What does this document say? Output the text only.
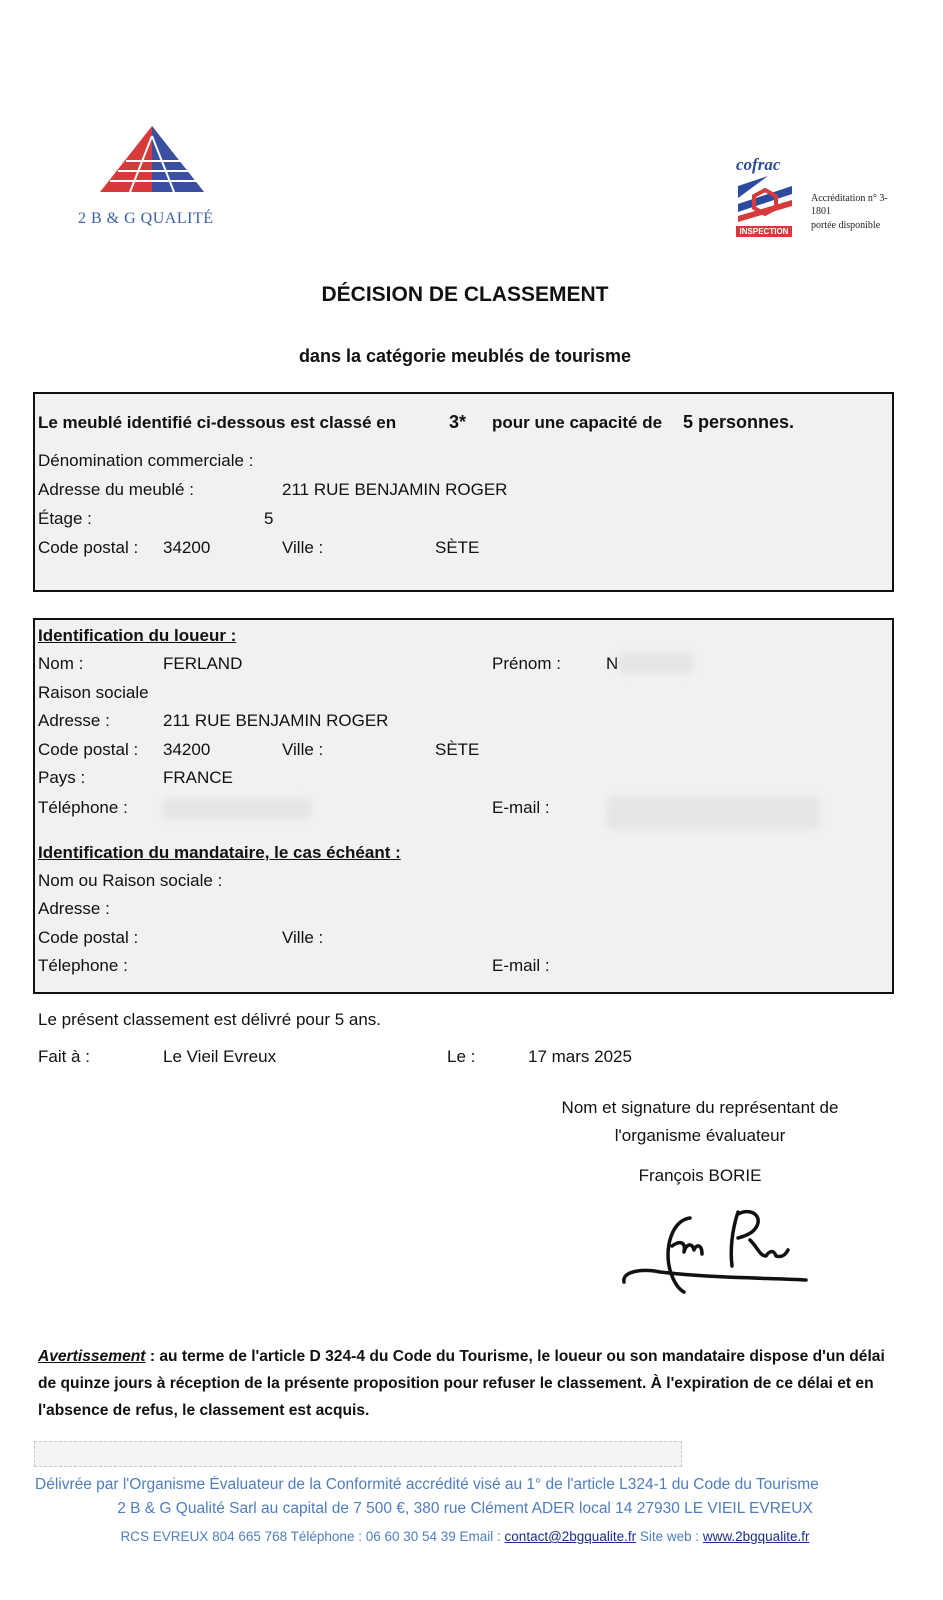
2 B & G QUALITÉ
cofrac
INSPECTION
Accréditation n° 3-
1801
portée disponible
DÉCISION DE CLASSEMENT
dans la catégorie meublés de tourisme
Le meublé identifié ci-dessous est classé en	3* pour une capacité de 5 personnes.
Dénomination commerciale :
Adresse du meublé :	211 RUE BENJAMIN ROGER
Étage :	5
Code postal : 34200	Ville :	SÈTE
Identification du loueur :
Nom :	FERLAND	Prénom :	N
Raison sociale
Adresse :	211 RUE BENJAMIN ROGER
Code postal : 34200	Ville :	SÈTE
Pays :	FRANCE
Téléphone :	E-mail :
Identification du mandataire, le cas échéant :
Nom ou Raison sociale :
Adresse :
Code postal :	Ville :
Télephone :	E-mail :
Le présent classement est délivré pour 5 ans.
Fait à :	Le Vieil Evreux	Le :	17 mars 2025
Nom et signature du représentant de
l'organisme évaluateur
François BORIE
Avertissement : au terme de l'article D 324-4 du Code du Tourisme, le loueur ou son mandataire dispose d'un délai de quinze jours à réception de la présente proposition pour refuser le classement. À l'expiration de ce délai et en l'absence de refus, le classement est acquis.
Délivrée par l'Organisme Évaluateur de la Conformité accrédité visé au 1° de l'article L324-1 du Code du Tourisme
2 B & G Qualité Sarl au capital de 7 500 €, 380 rue Clément ADER local 14 27930 LE VIEIL EVREUX
RCS EVREUX 804 665 768 Téléphone : 06 60 30 54 39 Email : contact@2bgqualite.fr Site web : www.2bgqualite.fr
